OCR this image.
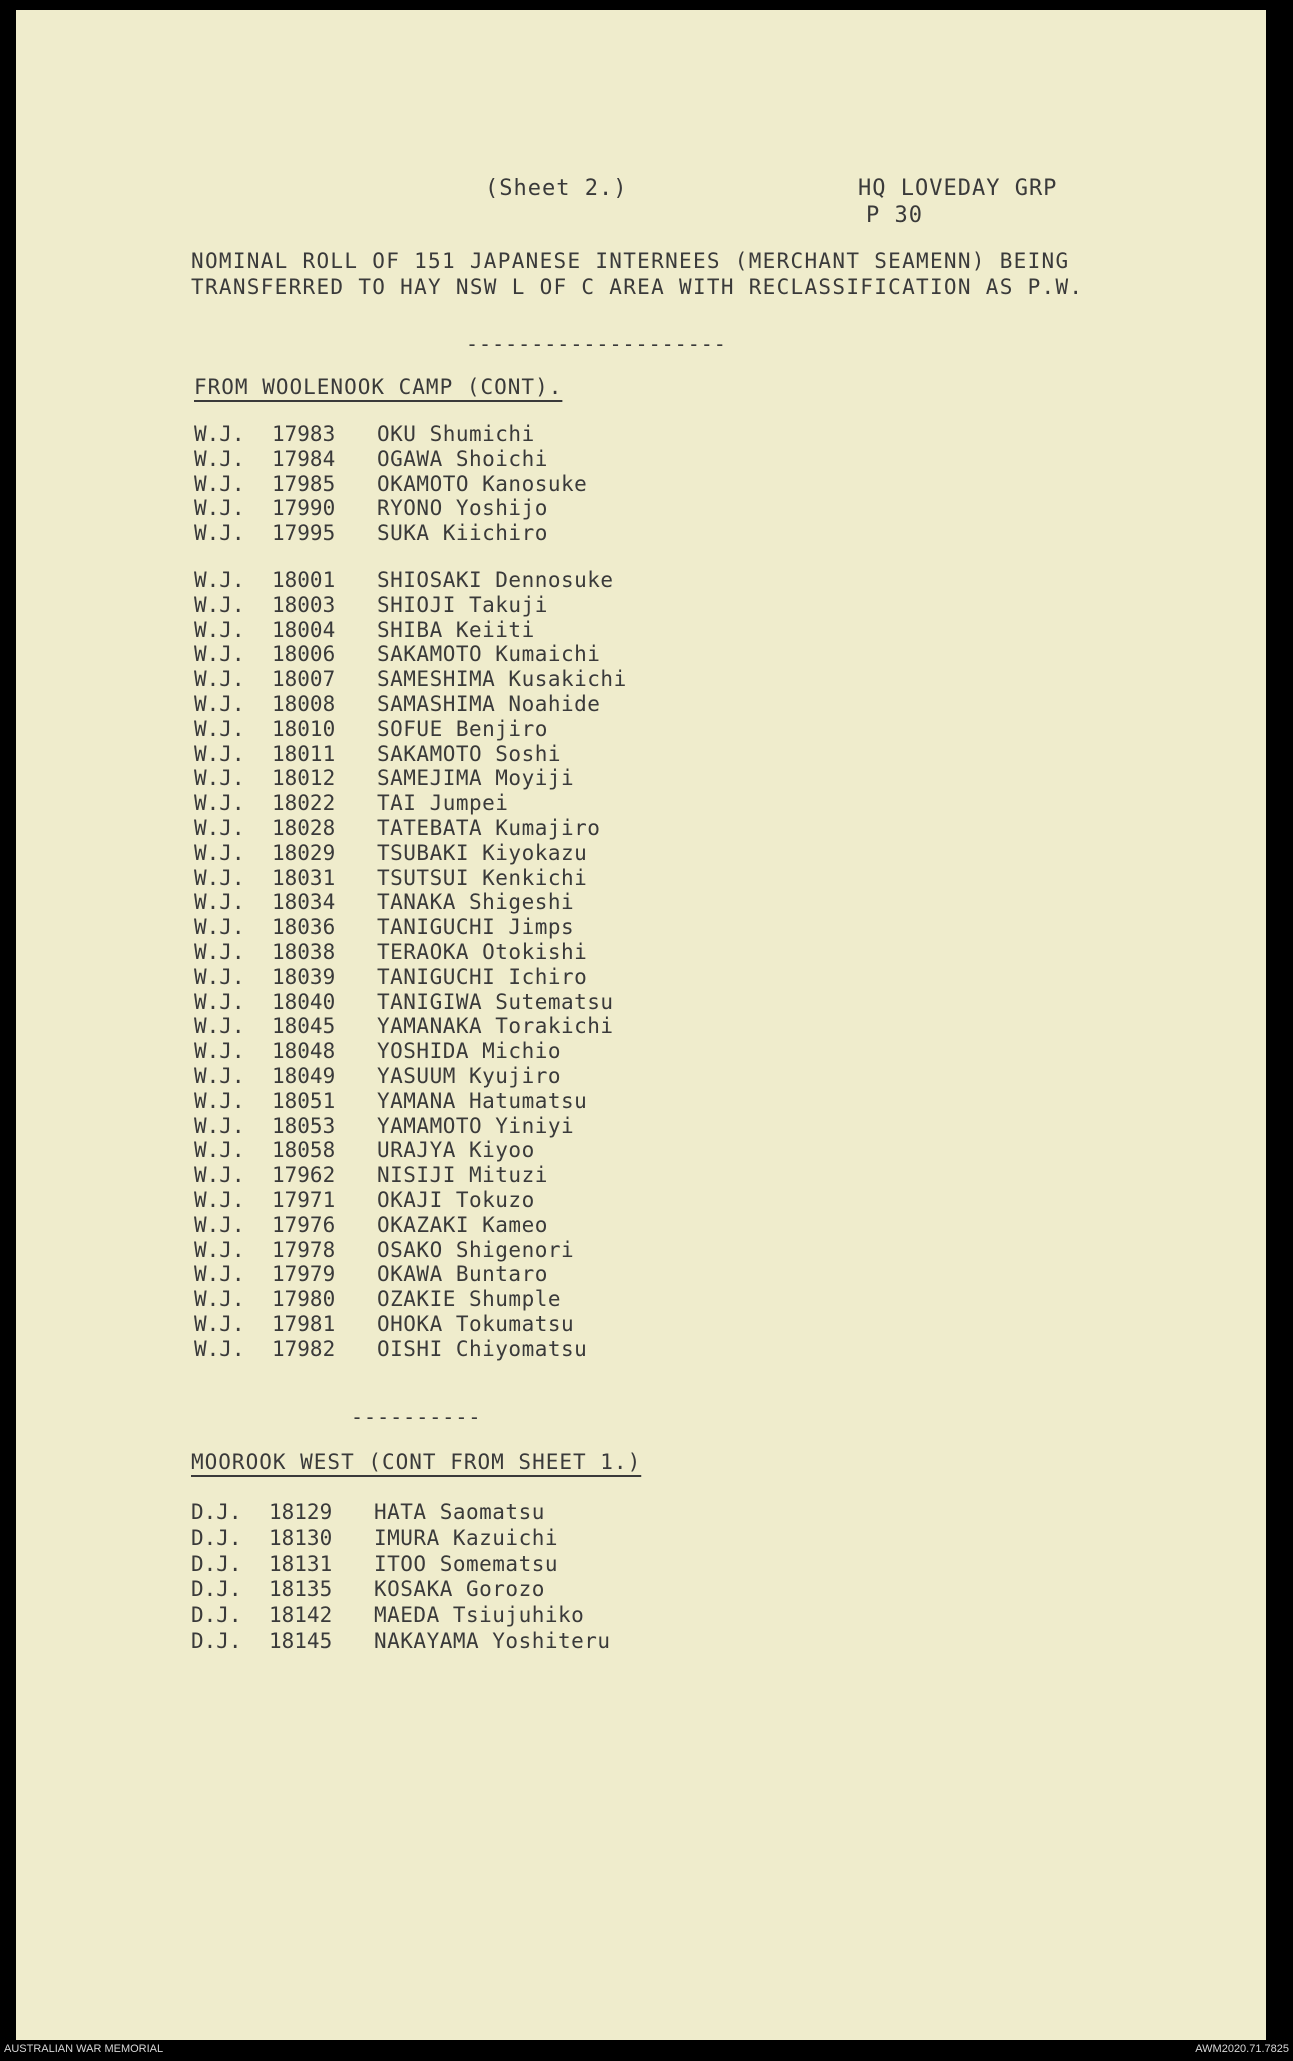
(Sheet 2.)	HQ LOVEDAY GRP
P 30
NOMINAL ROLL OF 151 JAPANESE INTERNEES (MERCHANT SEAMENN) BEING
TRANSFERRED TO HAY NSW L OF C AREA WITH RECLASSIFICATION AS P.W.
--------------------
FROM WOOLENOOK CAMP (CONT).
W.J.	17983	OKU Shumichi
W.J.	17984	OGAWA Shoichi
W.J.	17985	OKAMOTO Kanosuke
W.J.	17990	RYONO Yoshijo
W.J.	17995	SUKA Kiichiro
W.J.	18001	SHIOSAKI Dennosuke
W.J.	18003	SHIOJI Takuji
W.J.	18004	SHIBA Keiiti
W.J.	18006	SAKAMOTO Kumaichi
W.J.	18007	SAMESHIMA Kusakichi
W.J.	18008	SAMASHIMA Noahide
W.J.	18010	SOFUE Benjiro
W.J.	18011	SAKAMOTO Soshi
W.J.	18012	SAMEJIMA Moyiji
W.J.	18022	TAI Jumpei
W.J.	18028	TATEBATA Kumajiro
W.J.	18029	TSUBAKI Kiyokazu
W.J.	18031	TSUTSUI Kenkichi
W.J.	18034	TANAKA Shigeshi
W.J.	18036	TANIGUCHI Jimps
W.J.	18038	TERAOKA Otokishi
W.J.	18039	TANIGUCHI Ichiro
W.J.	18040	TANIGIWA Sutematsu
W.J.	18045	YAMANAKA Torakichi
W.J.	18048	YOSHIDA Michio
W.J.	18049	YASUUM Kyujiro
W.J.	18051	YAMANA Hatumatsu
W.J.	18053	YAMAMOTO Yiniyi
W.J.	18058	URAJYA Kiyoo
W.J.	17962	NISIJI Mituzi
W.J.	17971	OKAJI Tokuzo
W.J.	17976	OKAZAKI Kameo
W.J.	17978	OSAKO Shigenori
W.J.	17979	OKAWA Buntaro
W.J.	17980	OZAKIE Shumple
W.J.	17981	OHOKA Tokumatsu
W.J.	17982	OISHI Chiyomatsu
----------
MOOROOK WEST (CONT FROM SHEET 1.)
D.J.	18129	HATA Saomatsu
D.J.	18130	IMURA Kazuichi
D.J.	18131	ITOO Somematsu
D.J.	18135	KOSAKA Gorozo
D.J.	18142	MAEDA Tsiujuhiko
D.J.	18145	NAKAYAMA Yoshiteru
AUSTRALIAN WAR MEMORIAL	AWM2020.71.7825
